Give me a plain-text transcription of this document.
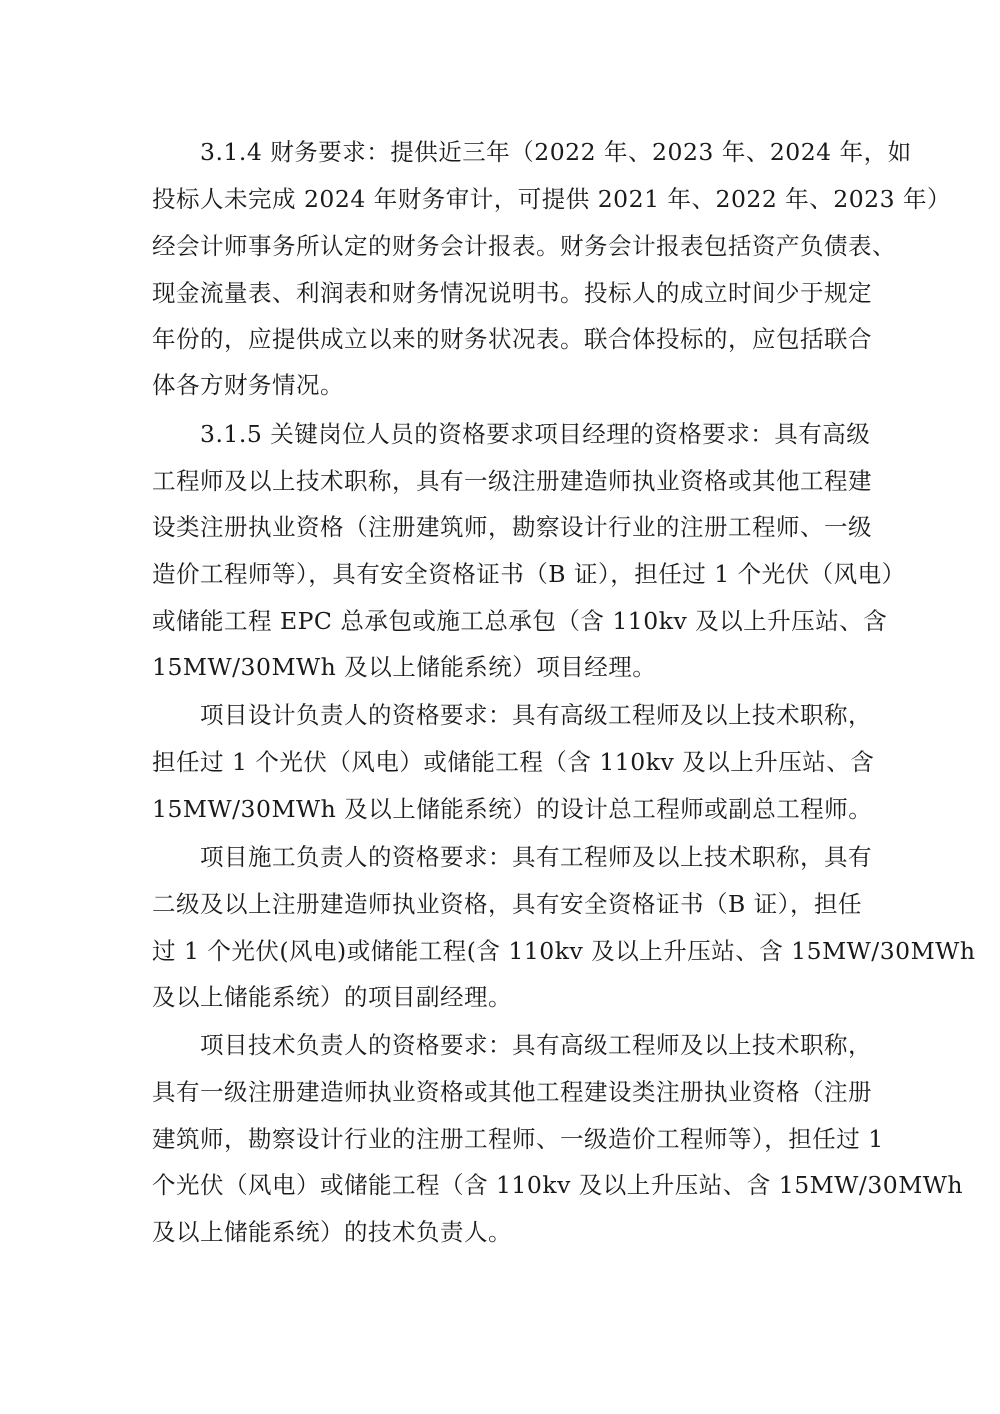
3.1.4 财务要求：提供近三年（2022 年、2023 年、2024 年，如
投标人未完成 2024 年财务审计，可提供 2021 年、2022 年、2023 年）
经会计师事务所认定的财务会计报表。财务会计报表包括资产负债表、
现金流量表、利润表和财务情况说明书。投标人的成立时间少于规定
年份的，应提供成立以来的财务状况表。联合体投标的，应包括联合
体各方财务情况。
3.1.5 关键岗位人员的资格要求项目经理的资格要求：具有高级
工程师及以上技术职称，具有一级注册建造师执业资格或其他工程建
设类注册执业资格（注册建筑师，勘察设计行业的注册工程师、一级
造价工程师等），具有安全资格证书（B 证），担任过 1 个光伏（风电）
或储能工程 EPC 总承包或施工总承包（含 110kv 及以上升压站、含
15MW/30MWh 及以上储能系统）项目经理。
项目设计负责人的资格要求：具有高级工程师及以上技术职称，
担任过 1 个光伏（风电）或储能工程（含 110kv 及以上升压站、含
15MW/30MWh 及以上储能系统）的设计总工程师或副总工程师。
项目施工负责人的资格要求：具有工程师及以上技术职称，具有
二级及以上注册建造师执业资格，具有安全资格证书（B 证），担任
过 1 个光伏(风电)或储能工程(含 110kv 及以上升压站、含 15MW/30MWh
及以上储能系统）的项目副经理。
项目技术负责人的资格要求：具有高级工程师及以上技术职称，
具有一级注册建造师执业资格或其他工程建设类注册执业资格（注册
建筑师，勘察设计行业的注册工程师、一级造价工程师等），担任过 1
个光伏（风电）或储能工程（含 110kv 及以上升压站、含 15MW/30MWh
及以上储能系统）的技术负责人。
